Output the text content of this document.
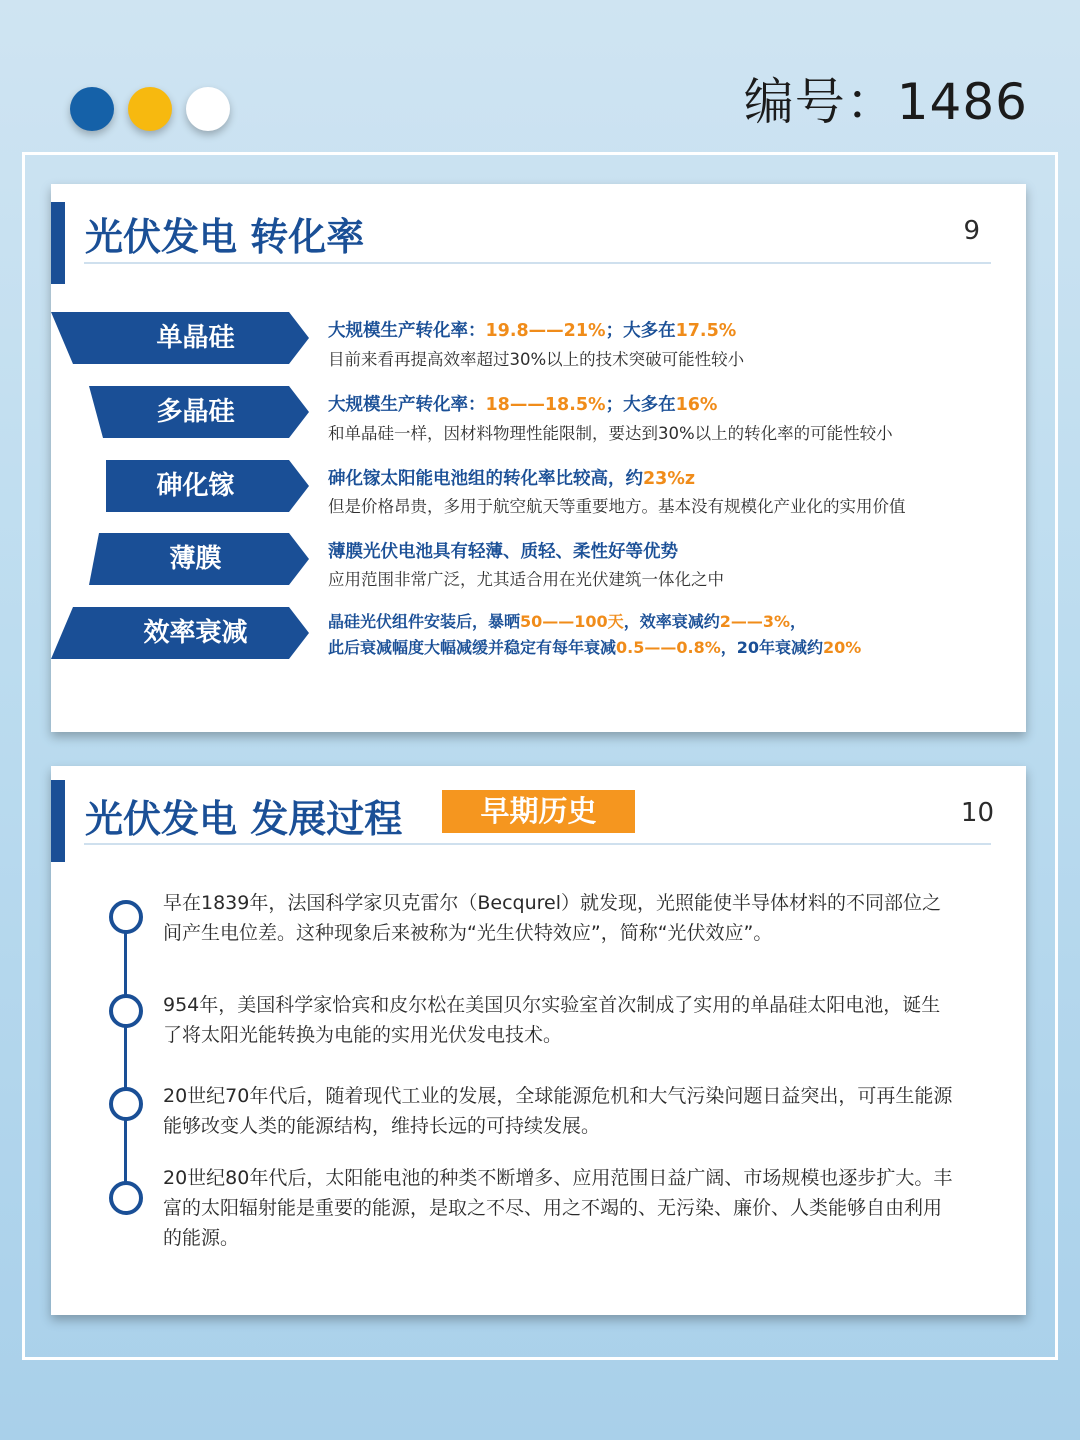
编号：1486
光伏发电 转化率	9
单晶硅	大规模生产转化率：19.8——21%；大多在17.5%
目前来看再提高效率超过30%以上的技术突破可能性较小
多晶硅	大规模生产转化率：18——18.5%；大多在16%
和单晶硅一样，因材料物理性能限制，要达到30%以上的转化率的可能性较小
砷化镓	砷化镓太阳能电池组的转化率比较高，约23%z
但是价格昂贵，多用于航空航天等重要地方。基本没有规模化产业化的实用价值
薄膜	薄膜光伏电池具有轻薄、质轻、柔性好等优势
应用范围非常广泛，尤其适合用在光伏建筑一体化之中
效率衰减	晶硅光伏组件安装后，暴晒50——100天，效率衰减约2——3%，
此后衰减幅度大幅减缓并稳定有每年衰减0.5——0.8%，20年衰减约20%
光伏发电 发展过程	早期历史	10
早在1839年，法国科学家贝克雷尔（Becqurel）就发现，光照能使半导体材料的不同部位之间产生电位差。这种现象后来被称为“光生伏特效应”，简称“光伏效应”。
954年，美国科学家恰宾和皮尔松在美国贝尔实验室首次制成了实用的单晶硅太阳电池，诞生了将太阳光能转换为电能的实用光伏发电技术。
20世纪70年代后，随着现代工业的发展，全球能源危机和大气污染问题日益突出，可再生能源能够改变人类的能源结构，维持长远的可持续发展。
20世纪80年代后，太阳能电池的种类不断增多、应用范围日益广阔、市场规模也逐步扩大。丰富的太阳辐射能是重要的能源，是取之不尽、用之不竭的、无污染、廉价、人类能够自由利用的能源。
